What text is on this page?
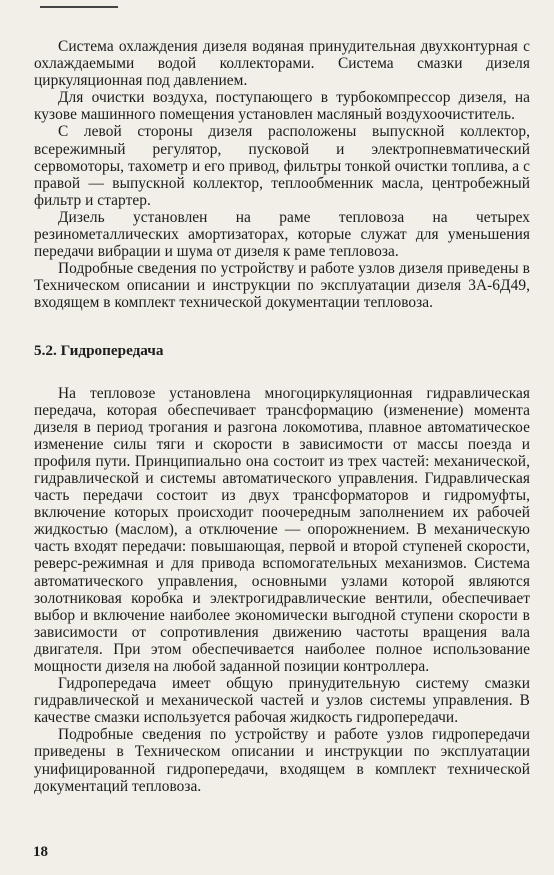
Система охлаждения дизеля водяная принудительная двухконтурная с охлаждаемыми водой коллекторами. Система смазки дизеля циркуляционная под давлением.

Для очистки воздуха, поступающего в турбокомпрессор дизеля, на кузове машинного помещения установлен масляный воздухоочиститель.

С левой стороны дизеля расположены выпускной коллектор, всережимный регулятор, пусковой и электропневматический сервомоторы, тахометр и его привод, фильтры тонкой очистки топлива, а с правой — выпускной коллектор, теплообменник масла, центробежный фильтр и стартер.

Дизель установлен на раме тепловоза на четырех резинометаллических амортизаторах, которые служат для уменьшения передачи вибрации и шума от дизеля к раме тепловоза.

Подробные сведения по устройству и работе узлов дизеля приведены в Техническом описании и инструкции по эксплуатации дизеля 3А-6Д49, входящем в комплект технической документации тепловоза.

5.2. Гидропередача

На тепловозе установлена многоциркуляционная гидравлическая передача, которая обеспечивает трансформацию (изменение) момента дизеля в период трогания и разгона локомотива, плавное автоматическое изменение силы тяги и скорости в зависимости от массы поезда и профиля пути. Принципиально она состоит из трех частей: механической, гидравлической и системы автоматического управления. Гидравлическая часть передачи состоит из двух трансформаторов и гидромуфты, включение которых происходит поочередным заполнением их рабочей жидкостью (маслом), а отключение — опорожнением. В механическую часть входят передачи: повышающая, первой и второй ступеней скорости, реверс-режимная и для привода вспомогательных механизмов. Система автоматического управления, основными узлами которой являются золотниковая коробка и электрогидравлические вентили, обеспечивает выбор и включение наиболее экономически выгодной ступени скорости в зависимости от сопротивления движению частоты вращения вала двигателя. При этом обеспечивается наиболее полное использование мощности дизеля на любой заданной позиции контроллера.

Гидропередача имеет общую принудительную систему смазки гидравлической и механической частей и узлов системы управления. В качестве смазки используется рабочая жидкость гидропередачи.

Подробные сведения по устройству и работе узлов гидропередачи приведены в Техническом описании и инструкции по эксплуатации унифицированной гидропередачи, входящем в комплект технической документаций тепловоза.

18
